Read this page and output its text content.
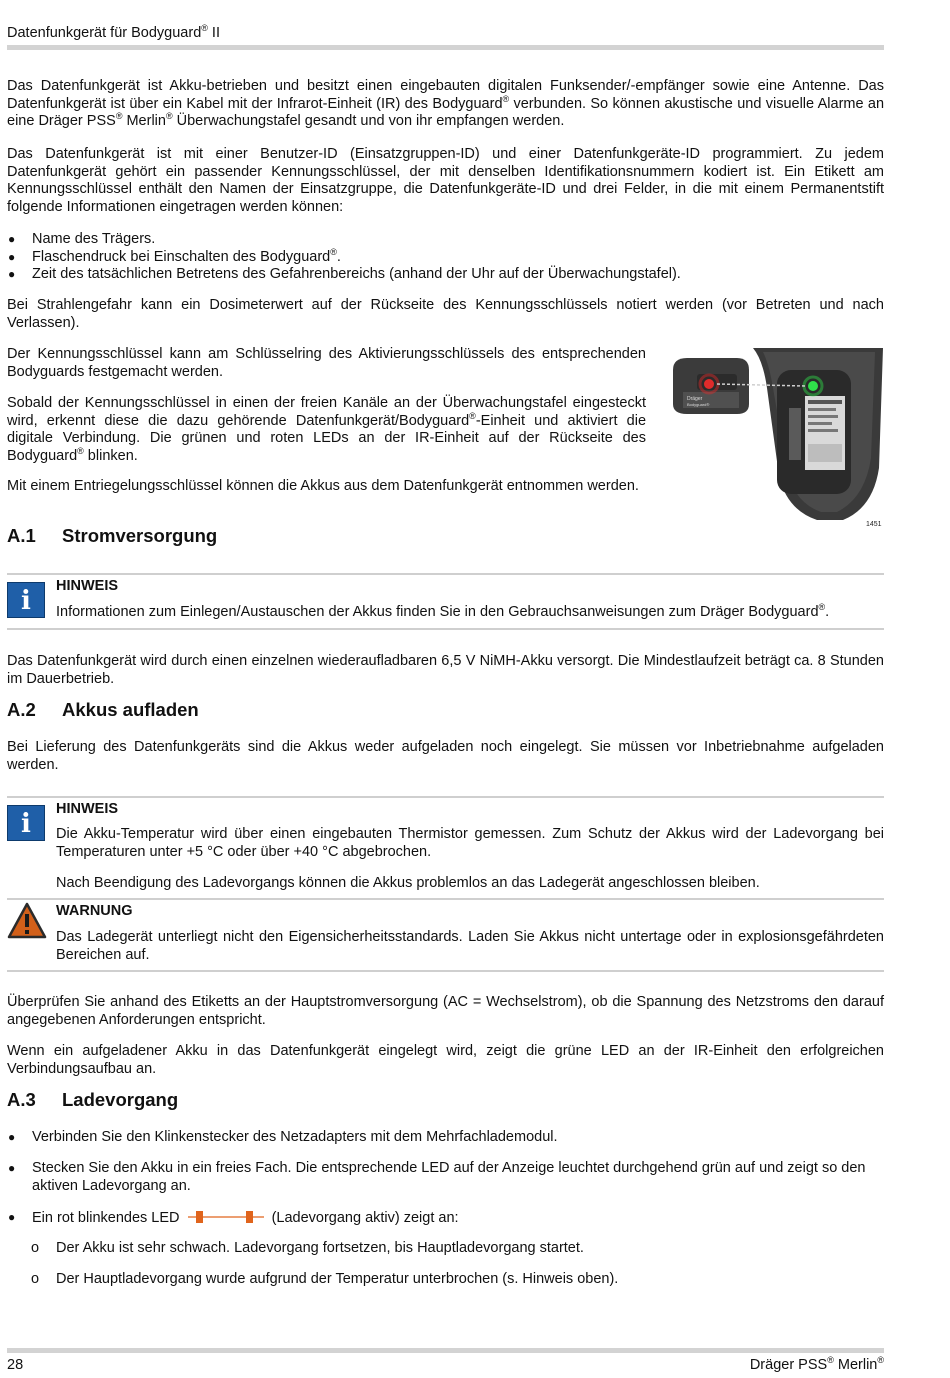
Datenfunkgerät für Bodyguard® II

Das Datenfunkgerät ist Akku-betrieben und besitzt einen eingebauten digitalen Funksender/-empfänger sowie eine Antenne. Das Datenfunkgerät ist über ein Kabel mit der Infrarot-Einheit (IR) des Bodyguard® verbunden. So können akustische und visuelle Alarme an eine Dräger PSS® Merlin® Überwachungstafel gesandt und von ihr empfangen werden.

Das Datenfunkgerät ist mit einer Benutzer-ID (Einsatzgruppen-ID) und einer Datenfunkgeräte-ID programmiert. Zu jedem Datenfunkgerät gehört ein passender Kennungsschlüssel, der mit denselben Identifikationsnummern kodiert ist. Ein Etikett am Kennungsschlüssel enthält den Namen der Einsatzgruppe, die Datenfunkgeräte-ID und drei Felder, in die mit einem Permanentstift folgende Informationen eingetragen werden können:

● Name des Trägers.
● Flaschendruck bei Einschalten des Bodyguard®.
● Zeit des tatsächlichen Betretens des Gefahrenbereichs (anhand der Uhr auf der Überwachungstafel).

Bei Strahlengefahr kann ein Dosimeterwert auf der Rückseite des Kennungsschlüssels notiert werden (vor Betreten und nach Verlassen).

Der Kennungsschlüssel kann am Schlüsselring des Aktivierungsschlüssels des entsprechenden Bodyguards festgemacht werden.

Sobald der Kennungsschlüssel in einen der freien Kanäle an der Überwachungstafel eingesteckt wird, erkennt diese die dazu gehörende Datenfunkgerät/Bodyguard®-Einheit und aktiviert die digitale Verbindung. Die grünen und roten LEDs an der IR-Einheit auf der Rückseite des Bodyguard® blinken.

Mit einem Entriegelungsschlüssel können die Akkus aus dem Datenfunkgerät entnommen werden.

Dräger
Bodyguard®
1451
A.1 Stromversorgung
i	HINWEIS

Informationen zum Einlegen/Austauschen der Akkus finden Sie in den Gebrauchsanweisungen zum Dräger Bodyguard®.

Das Datenfunkgerät wird durch einen einzelnen wiederaufladbaren 6,5 V NiMH-Akku versorgt. Die Mindestlaufzeit beträgt ca. 8 Stunden im Dauerbetrieb.

A.2 Akkus aufladen

Bei Lieferung des Datenfunkgeräts sind die Akkus weder aufgeladen noch eingelegt. Sie müssen vor Inbetriebnahme aufgeladen werden.

i	HINWEIS

Die Akku-Temperatur wird über einen eingebauten Thermistor gemessen. Zum Schutz der Akkus wird der Ladevorgang bei Temperaturen unter +5 °C oder über +40 °C abgebrochen.

Nach Beendigung des Ladevorgangs können die Akkus problemlos an das Ladegerät angeschlossen bleiben.

WARNUNG

Das Ladegerät unterliegt nicht den Eigensicherheitsstandards. Laden Sie Akkus nicht untertage oder in explosionsgefährdeten Bereichen auf.

Überprüfen Sie anhand des Etiketts an der Hauptstromversorgung (AC = Wechselstrom), ob die Spannung des Netzstroms den darauf angegebenen Anforderungen entspricht.

Wenn ein aufgeladener Akku in das Datenfunkgerät eingelegt wird, zeigt die grüne LED an der IR-Einheit den erfolgreichen Verbindungsaufbau an.

A.3 Ladevorgang
● Verbinden Sie den Klinkenstecker des Netzadapters mit dem Mehrfachlademodul.
● Stecken Sie den Akku in ein freies Fach. Die entsprechende LED auf der Anzeige leuchtet durchgehend grün auf und zeigt so den aktiven Ladevorgang an.
● Ein rot blinkendes LED	(Ladevorgang aktiv) zeigt an:
o Der Akku ist sehr schwach. Ladevorgang fortsetzen, bis Hauptladevorgang startet.
o Der Hauptladevorgang wurde aufgrund der Temperatur unterbrochen (s. Hinweis oben).
28	Dräger PSS® Merlin®
